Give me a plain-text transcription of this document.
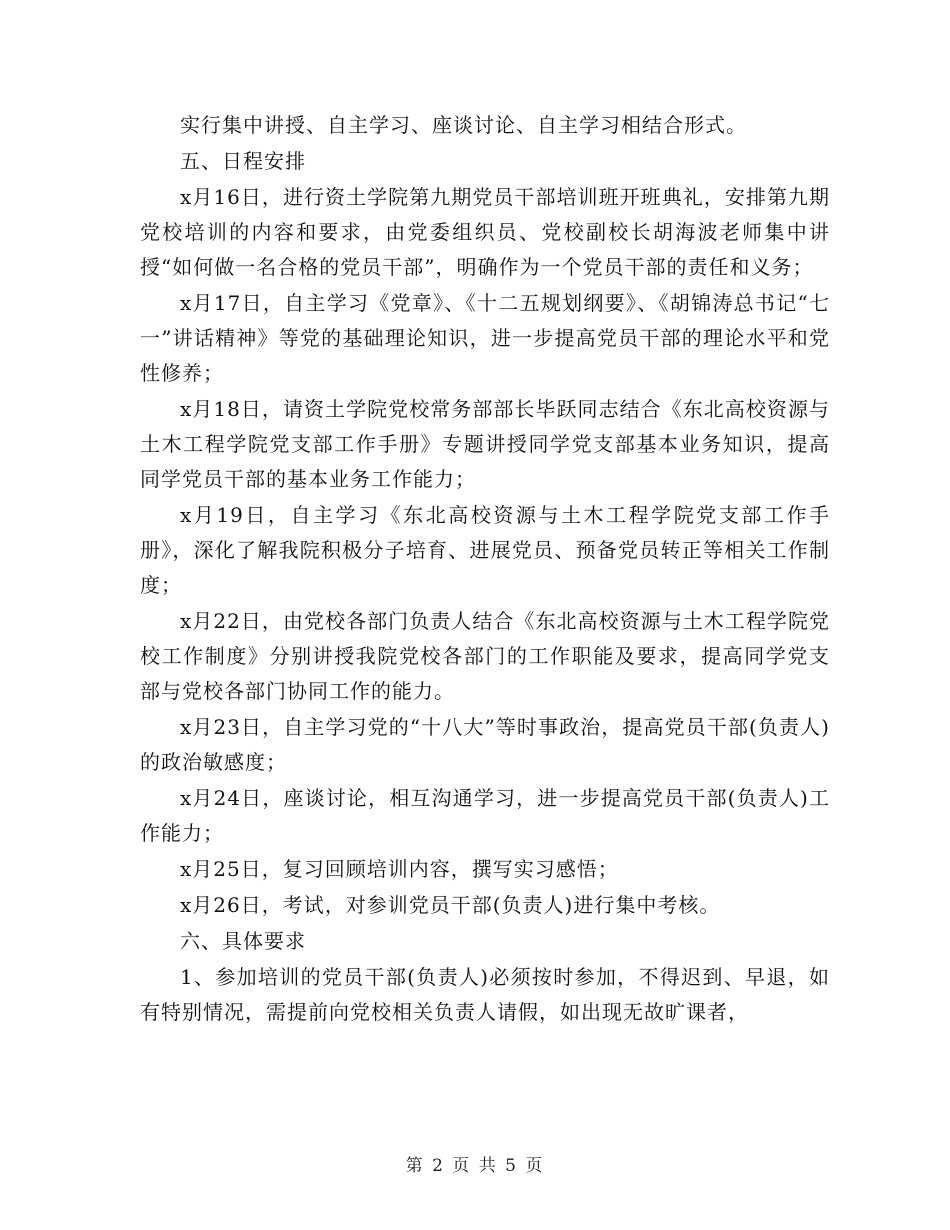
实行集中讲授、自主学习、座谈讨论、自主学习相结合形式。

五、日程安排

x月16日，进行资土学院第九期党员干部培训班开班典礼，安排第九期党校培训的内容和要求，由党委组织员、党校副校长胡海波老师集中讲授“如何做一名合格的党员干部”，明确作为一个党员干部的责任和义务；

x月17日，自主学习《党章》、《十二五规划纲要》、《胡锦涛总书记“七一”讲话精神》等党的基础理论知识，进一步提高党员干部的理论水平和党性修养；

x月18日，请资土学院党校常务部部长毕跃同志结合《东北高校资源与土木工程学院党支部工作手册》专题讲授同学党支部基本业务知识，提高同学党员干部的基本业务工作能力；

x月19日，自主学习《东北高校资源与土木工程学院党支部工作手册》，深化了解我院积极分子培育、进展党员、预备党员转正等相关工作制度；

x月22日，由党校各部门负责人结合《东北高校资源与土木工程学院党校工作制度》分别讲授我院党校各部门的工作职能及要求，提高同学党支部与党校各部门协同工作的能力。

x月23日，自主学习党的“十八大”等时事政治，提高党员干部(负责人)的政治敏感度；

x月24日，座谈讨论，相互沟通学习，进一步提高党员干部(负责人)工作能力；

x月25日，复习回顾培训内容，撰写实习感悟；

x月26日，考试，对参训党员干部(负责人)进行集中考核。

六、具体要求

1、参加培训的党员干部(负责人)必须按时参加，不得迟到、早退，如有特别情况，需提前向党校相关负责人请假，如出现无故旷课者，

第 2 页 共 5 页
